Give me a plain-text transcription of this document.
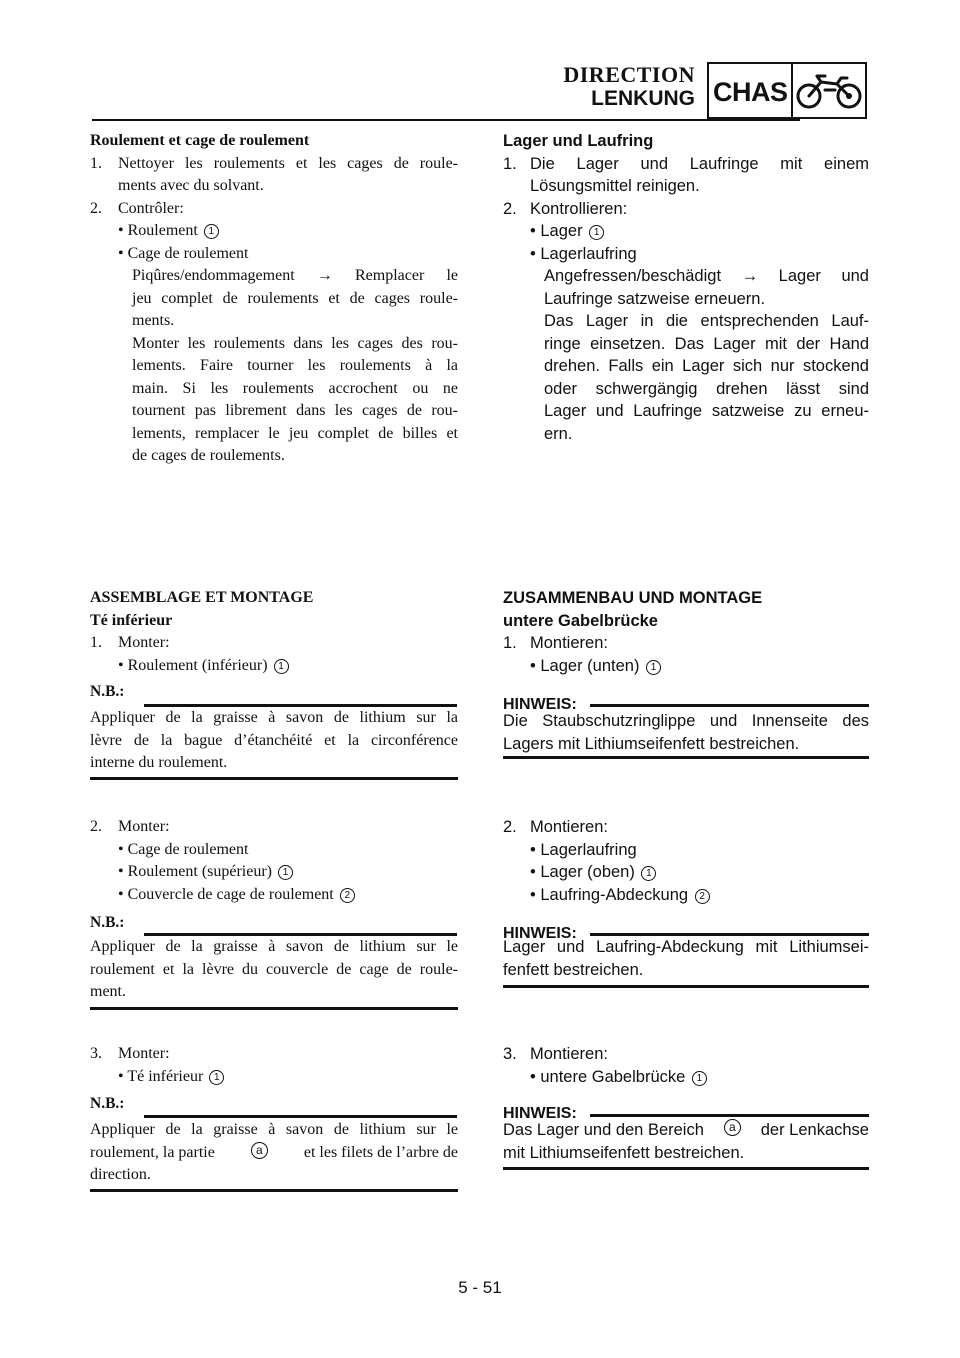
DIRECTION
LENKUNG CHAS
Roulement et cage de roulement
1. Nettoyer les roulements et les cages de roule-
ments avec du solvant.
2. Contrôler:
• Roulement 1
• Cage de roulement
Piqûres/endommagement → Remplacer le
jeu complet de roulements et de cages roule-
ments.
Monter les roulements dans les cages des rou-
lements. Faire tourner les roulements à la
main. Si les roulements accrochent ou ne
tournent pas librement dans les cages de rou-
lements, remplacer le jeu complet de billes et
de cages de roulements.
Lager und Laufring
1. Die Lager und Laufringe mit einem
Lösungsmittel reinigen.
2. Kontrollieren:
• Lager 1
• Lagerlaufring
Angefressen/beschädigt → Lager und
Laufringe satzweise erneuern.
Das Lager in die entsprechenden Lauf-
ringe einsetzen. Das Lager mit der Hand
drehen. Falls ein Lager sich nur stockend
oder schwergängig drehen lässt sind
Lager und Laufringe satzweise zu erneu-
ern.
ASSEMBLAGE ET MONTAGE
Té inférieur
1. Monter:
• Roulement (inférieur) 1
N.B.:
Appliquer de la graisse à savon de lithium sur la
lèvre de la bague d’étanchéité et la circonférence
interne du roulement.
2. Monter:
• Cage de roulement
• Roulement (supérieur) 1
• Couvercle de cage de roulement 2
N.B.:
Appliquer de la graisse à savon de lithium sur le
roulement et la lèvre du couvercle de cage de roule-
ment.
3. Monter:
• Té inférieur 1
N.B.:
Appliquer de la graisse à savon de lithium sur le
roulement, la partie	a	et les filets de l’arbre de
direction.
ZUSAMMENBAU UND MONTAGE
untere Gabelbrücke
1. Montieren:
• Lager (unten) 1
HINWEIS:
Die Staubschutzringlippe und Innenseite des
Lagers mit Lithiumseifenfett bestreichen.
2. Montieren:
• Lagerlaufring
• Lager (oben) 1
• Laufring-Abdeckung 2
HINWEIS:
Lager und Laufring-Abdeckung mit Lithiumsei-
fenfett bestreichen.
3. Montieren:
• untere Gabelbrücke 1
HINWEIS:
Das Lager und den Bereich	a	der Lenkachse
mit Lithiumseifenfett bestreichen.
5 - 51
